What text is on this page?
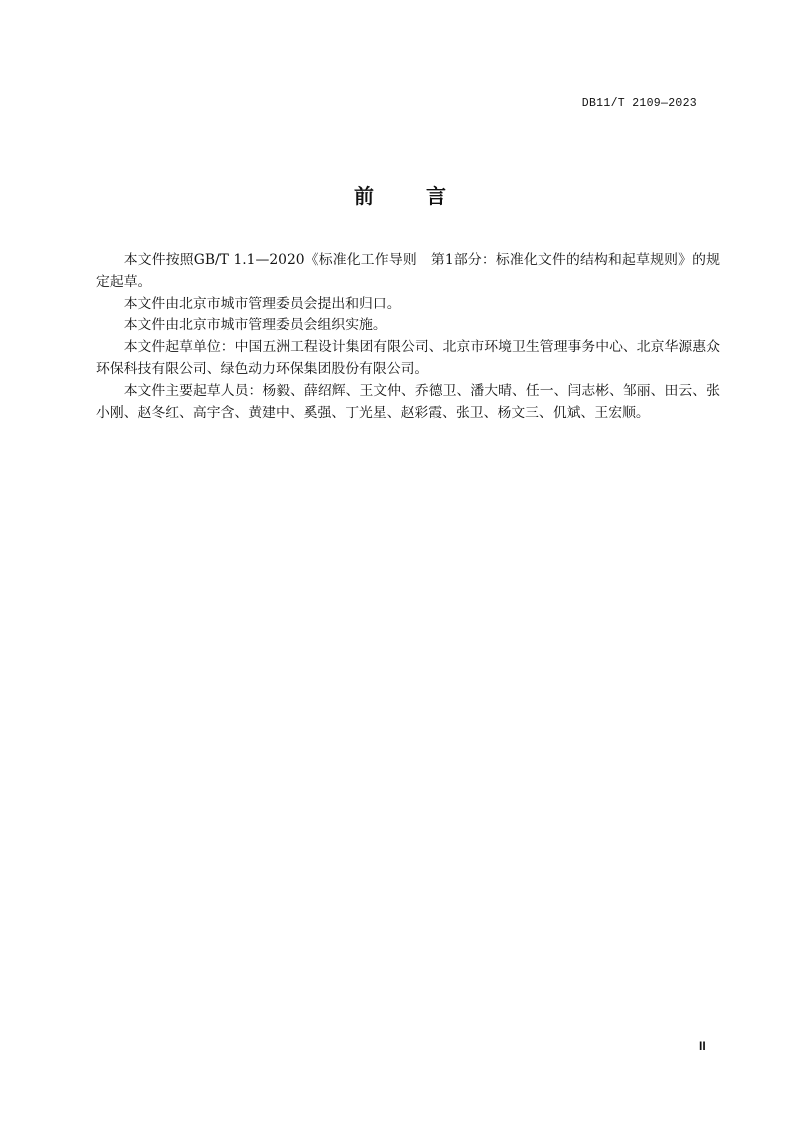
DB11/T 2109—2023
前	言

本文件按照GB/T 1.1—2020《标准化工作导则　第1部分：标准化文件的结构和起草规则》的规定起草。

本文件由北京市城市管理委员会提出和归口。

本文件由北京市城市管理委员会组织实施。

本文件起草单位：中国五洲工程设计集团有限公司、北京市环境卫生管理事务中心、北京华源惠众环保科技有限公司、绿色动力环保集团股份有限公司。

本文件主要起草人员：杨毅、薛绍辉、王文仲、乔德卫、潘大晴、任一、闫志彬、邹丽、田云、张小刚、赵冬红、高宇含、黄建中、奚强、丁光星、赵彩霞、张卫、杨文三、仉斌、王宏顺。

II
